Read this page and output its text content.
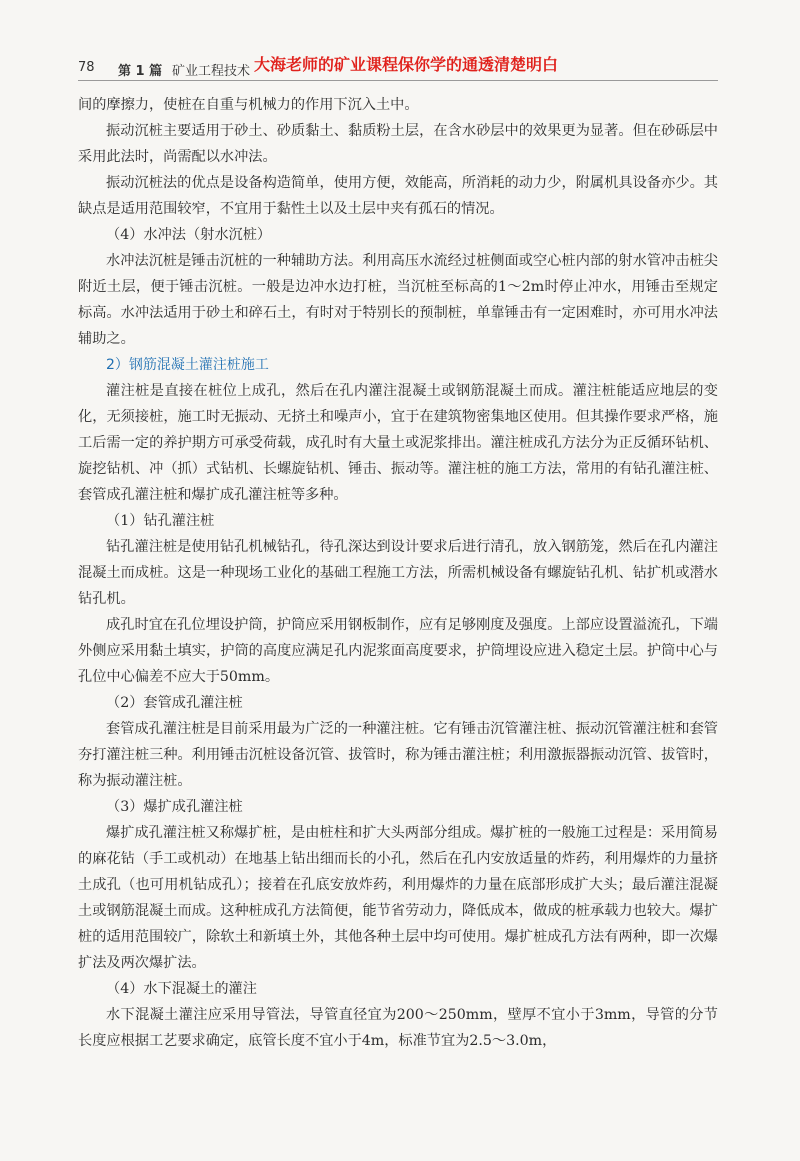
78 第 1 篇 矿业工程技术 大海老师的矿业课程保你学的通透清楚明白

间的摩擦力，使桩在自重与机械力的作用下沉入土中。

振动沉桩主要适用于砂土、砂质黏土、黏质粉土层，在含水砂层中的效果更为显著。但在砂砾层中采用此法时，尚需配以水冲法。

振动沉桩法的优点是设备构造简单，使用方便，效能高，所消耗的动力少，附属机具设备亦少。其缺点是适用范围较窄，不宜用于黏性土以及土层中夹有孤石的情况。

（4）水冲法（射水沉桩）

水冲法沉桩是锤击沉桩的一种辅助方法。利用高压水流经过桩侧面或空心桩内部的射水管冲击桩尖附近土层，便于锤击沉桩。一般是边冲水边打桩，当沉桩至标高的1～2m时停止冲水，用锤击至规定标高。水冲法适用于砂土和碎石土，有时对于特别长的预制桩，单靠锤击有一定困难时，亦可用水冲法辅助之。

2）钢筋混凝土灌注桩施工

灌注桩是直接在桩位上成孔，然后在孔内灌注混凝土或钢筋混凝土而成。灌注桩能适应地层的变化，无须接桩，施工时无振动、无挤土和噪声小，宜于在建筑物密集地区使用。但其操作要求严格，施工后需一定的养护期方可承受荷载，成孔时有大量土或泥浆排出。灌注桩成孔方法分为正反循环钻机、旋挖钻机、冲（抓）式钻机、长螺旋钻机、锤击、振动等。灌注桩的施工方法，常用的有钻孔灌注桩、套管成孔灌注桩和爆扩成孔灌注桩等多种。

（1）钻孔灌注桩

钻孔灌注桩是使用钻孔机械钻孔，待孔深达到设计要求后进行清孔，放入钢筋笼，然后在孔内灌注混凝土而成桩。这是一种现场工业化的基础工程施工方法，所需机械设备有螺旋钻孔机、钻扩机或潜水钻孔机。

成孔时宜在孔位埋设护筒，护筒应采用钢板制作，应有足够刚度及强度。上部应设置溢流孔，下端外侧应采用黏土填实，护筒的高度应满足孔内泥浆面高度要求，护筒埋设应进入稳定土层。护筒中心与孔位中心偏差不应大于50mm。

（2）套管成孔灌注桩

套管成孔灌注桩是目前采用最为广泛的一种灌注桩。它有锤击沉管灌注桩、振动沉管灌注桩和套管夯打灌注桩三种。利用锤击沉桩设备沉管、拔管时，称为锤击灌注桩；利用激振器振动沉管、拔管时，称为振动灌注桩。

（3）爆扩成孔灌注桩

爆扩成孔灌注桩又称爆扩桩，是由桩柱和扩大头两部分组成。爆扩桩的一般施工过程是：采用简易的麻花钻（手工或机动）在地基上钻出细而长的小孔，然后在孔内安放适量的炸药，利用爆炸的力量挤土成孔（也可用机钻成孔）；接着在孔底安放炸药，利用爆炸的力量在底部形成扩大头；最后灌注混凝土或钢筋混凝土而成。这种桩成孔方法简便，能节省劳动力，降低成本，做成的桩承载力也较大。爆扩桩的适用范围较广，除软土和新填土外，其他各种土层中均可使用。爆扩桩成孔方法有两种，即一次爆扩法及两次爆扩法。

（4）水下混凝土的灌注

水下混凝土灌注应采用导管法，导管直径宜为200～250mm，壁厚不宜小于3mm，导管的分节长度应根据工艺要求确定，底管长度不宜小于4m，标准节宜为2.5～3.0m，
